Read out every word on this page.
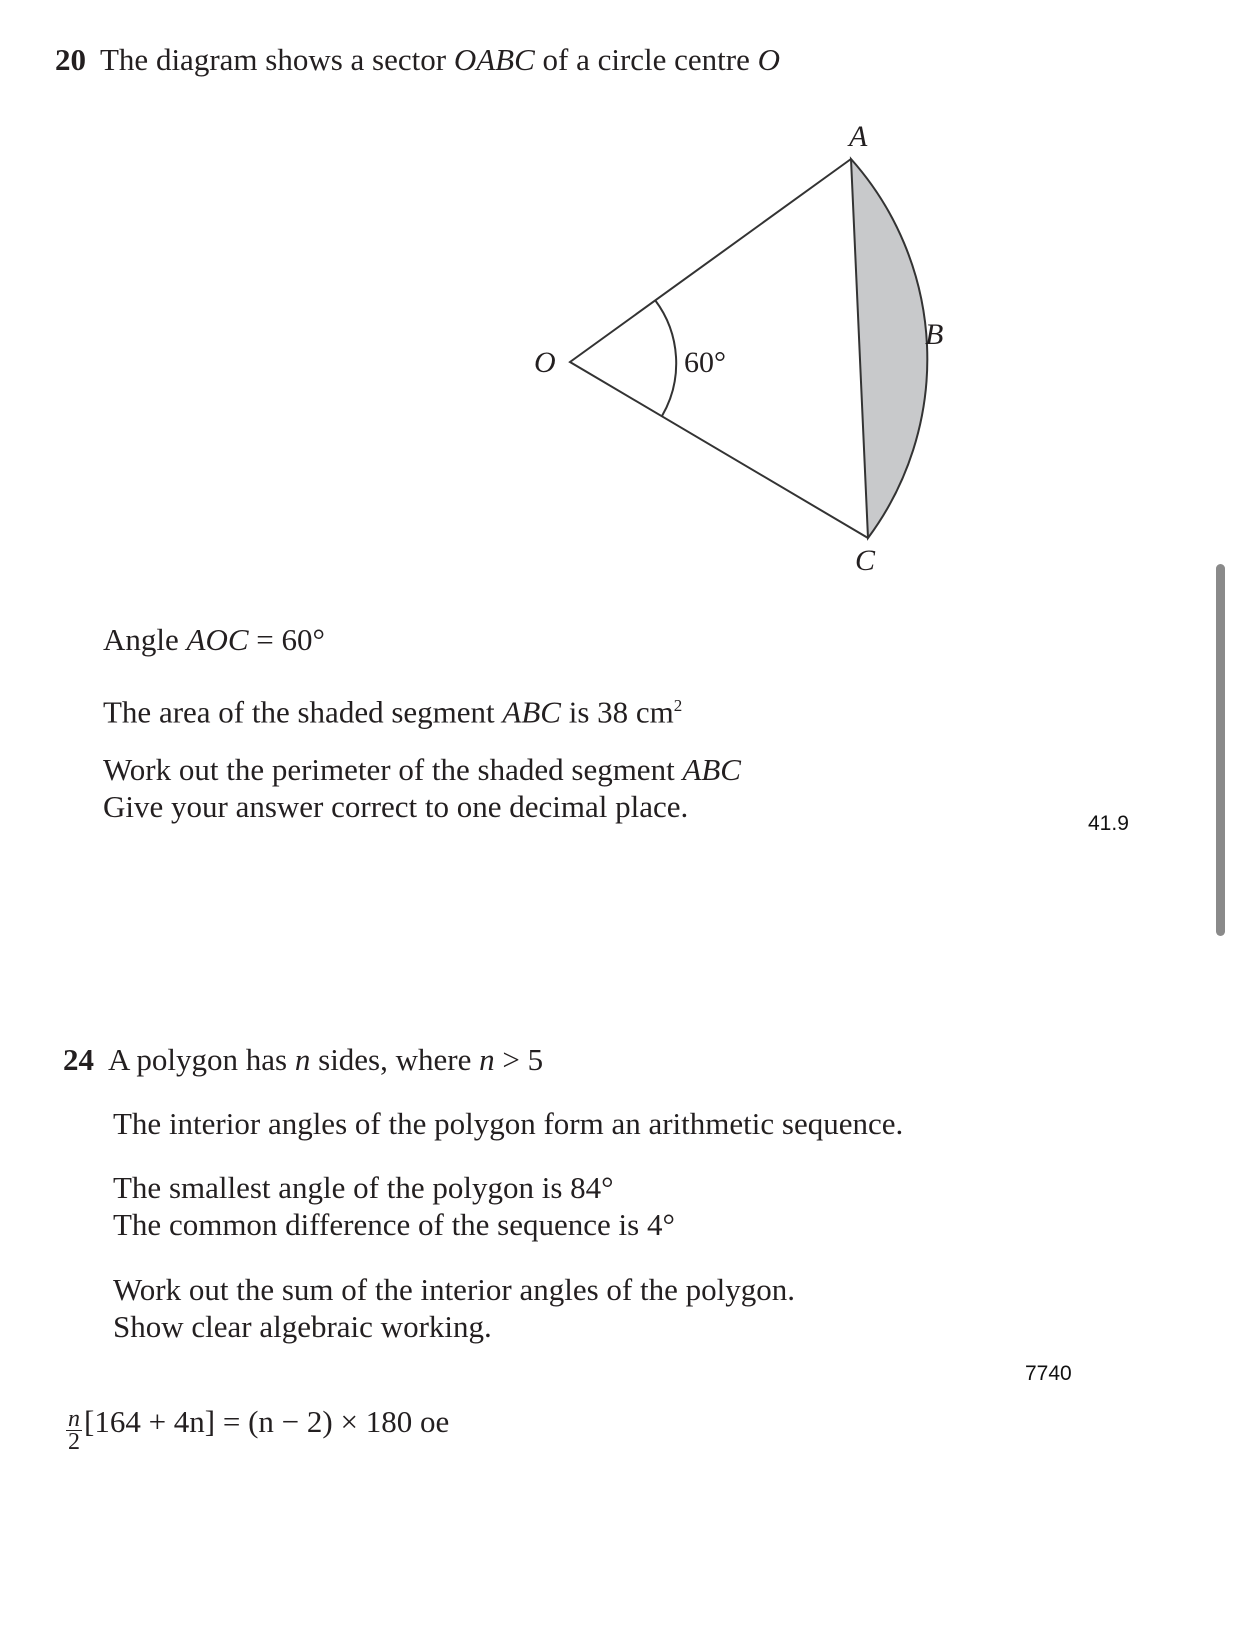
20 The diagram shows a sector OABC of a circle centre O
A
B
C
O	60°
Angle AOC = 60°
The area of the shaded segment ABC is 38 $cm^2$
Work out the perimeter of the shaded segment ABC
Give your answer correct to one decimal place.	41.9
24 A polygon has n sides, where n > 5
The interior angles of the polygon form an arithmetic sequence.
The smallest angle of the polygon is 84°
The common difference of the sequence is 4°
Work out the sum of the interior angles of the polygon.
Show clear algebraic working.
7740
$\frac{n}{2} [164 + 4n] = (n - 2) \times 180$ oe
